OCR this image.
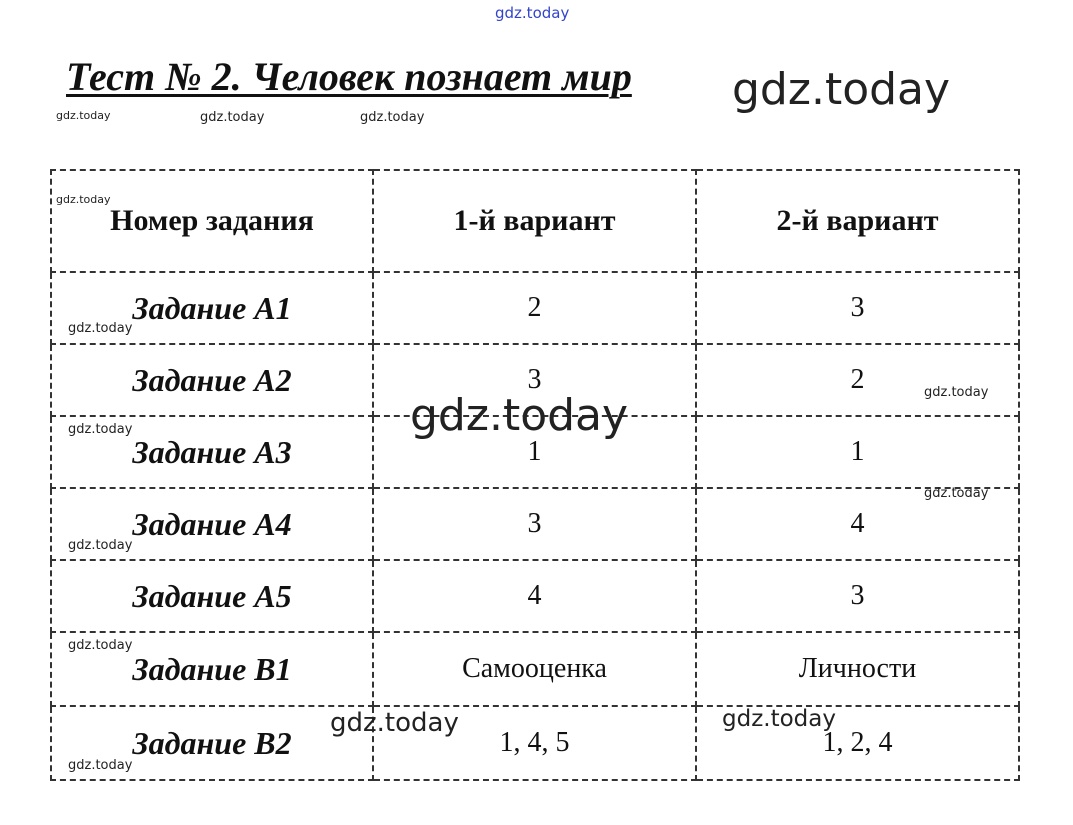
gdz.today
Тест № 2. Человек познает мир gdz.today
gdz.today	gdz.today	gdz.today
Номер задания	1-й вариант	2-й вариант
Задание А1	2	3
Задание А2	3	2
Задание А3	1	1
Задание А4	3	4
Задание А5	4	3
Задание В1	Самооценка	Личности
Задание В2	1, 4, 5	1, 2, 4
gdz.today
gdz.today
gdz.today	gdz.today
gdz.today
gdz.today
gdz.today
gdz.today
gdz.today	gdz.today
gdz.today
